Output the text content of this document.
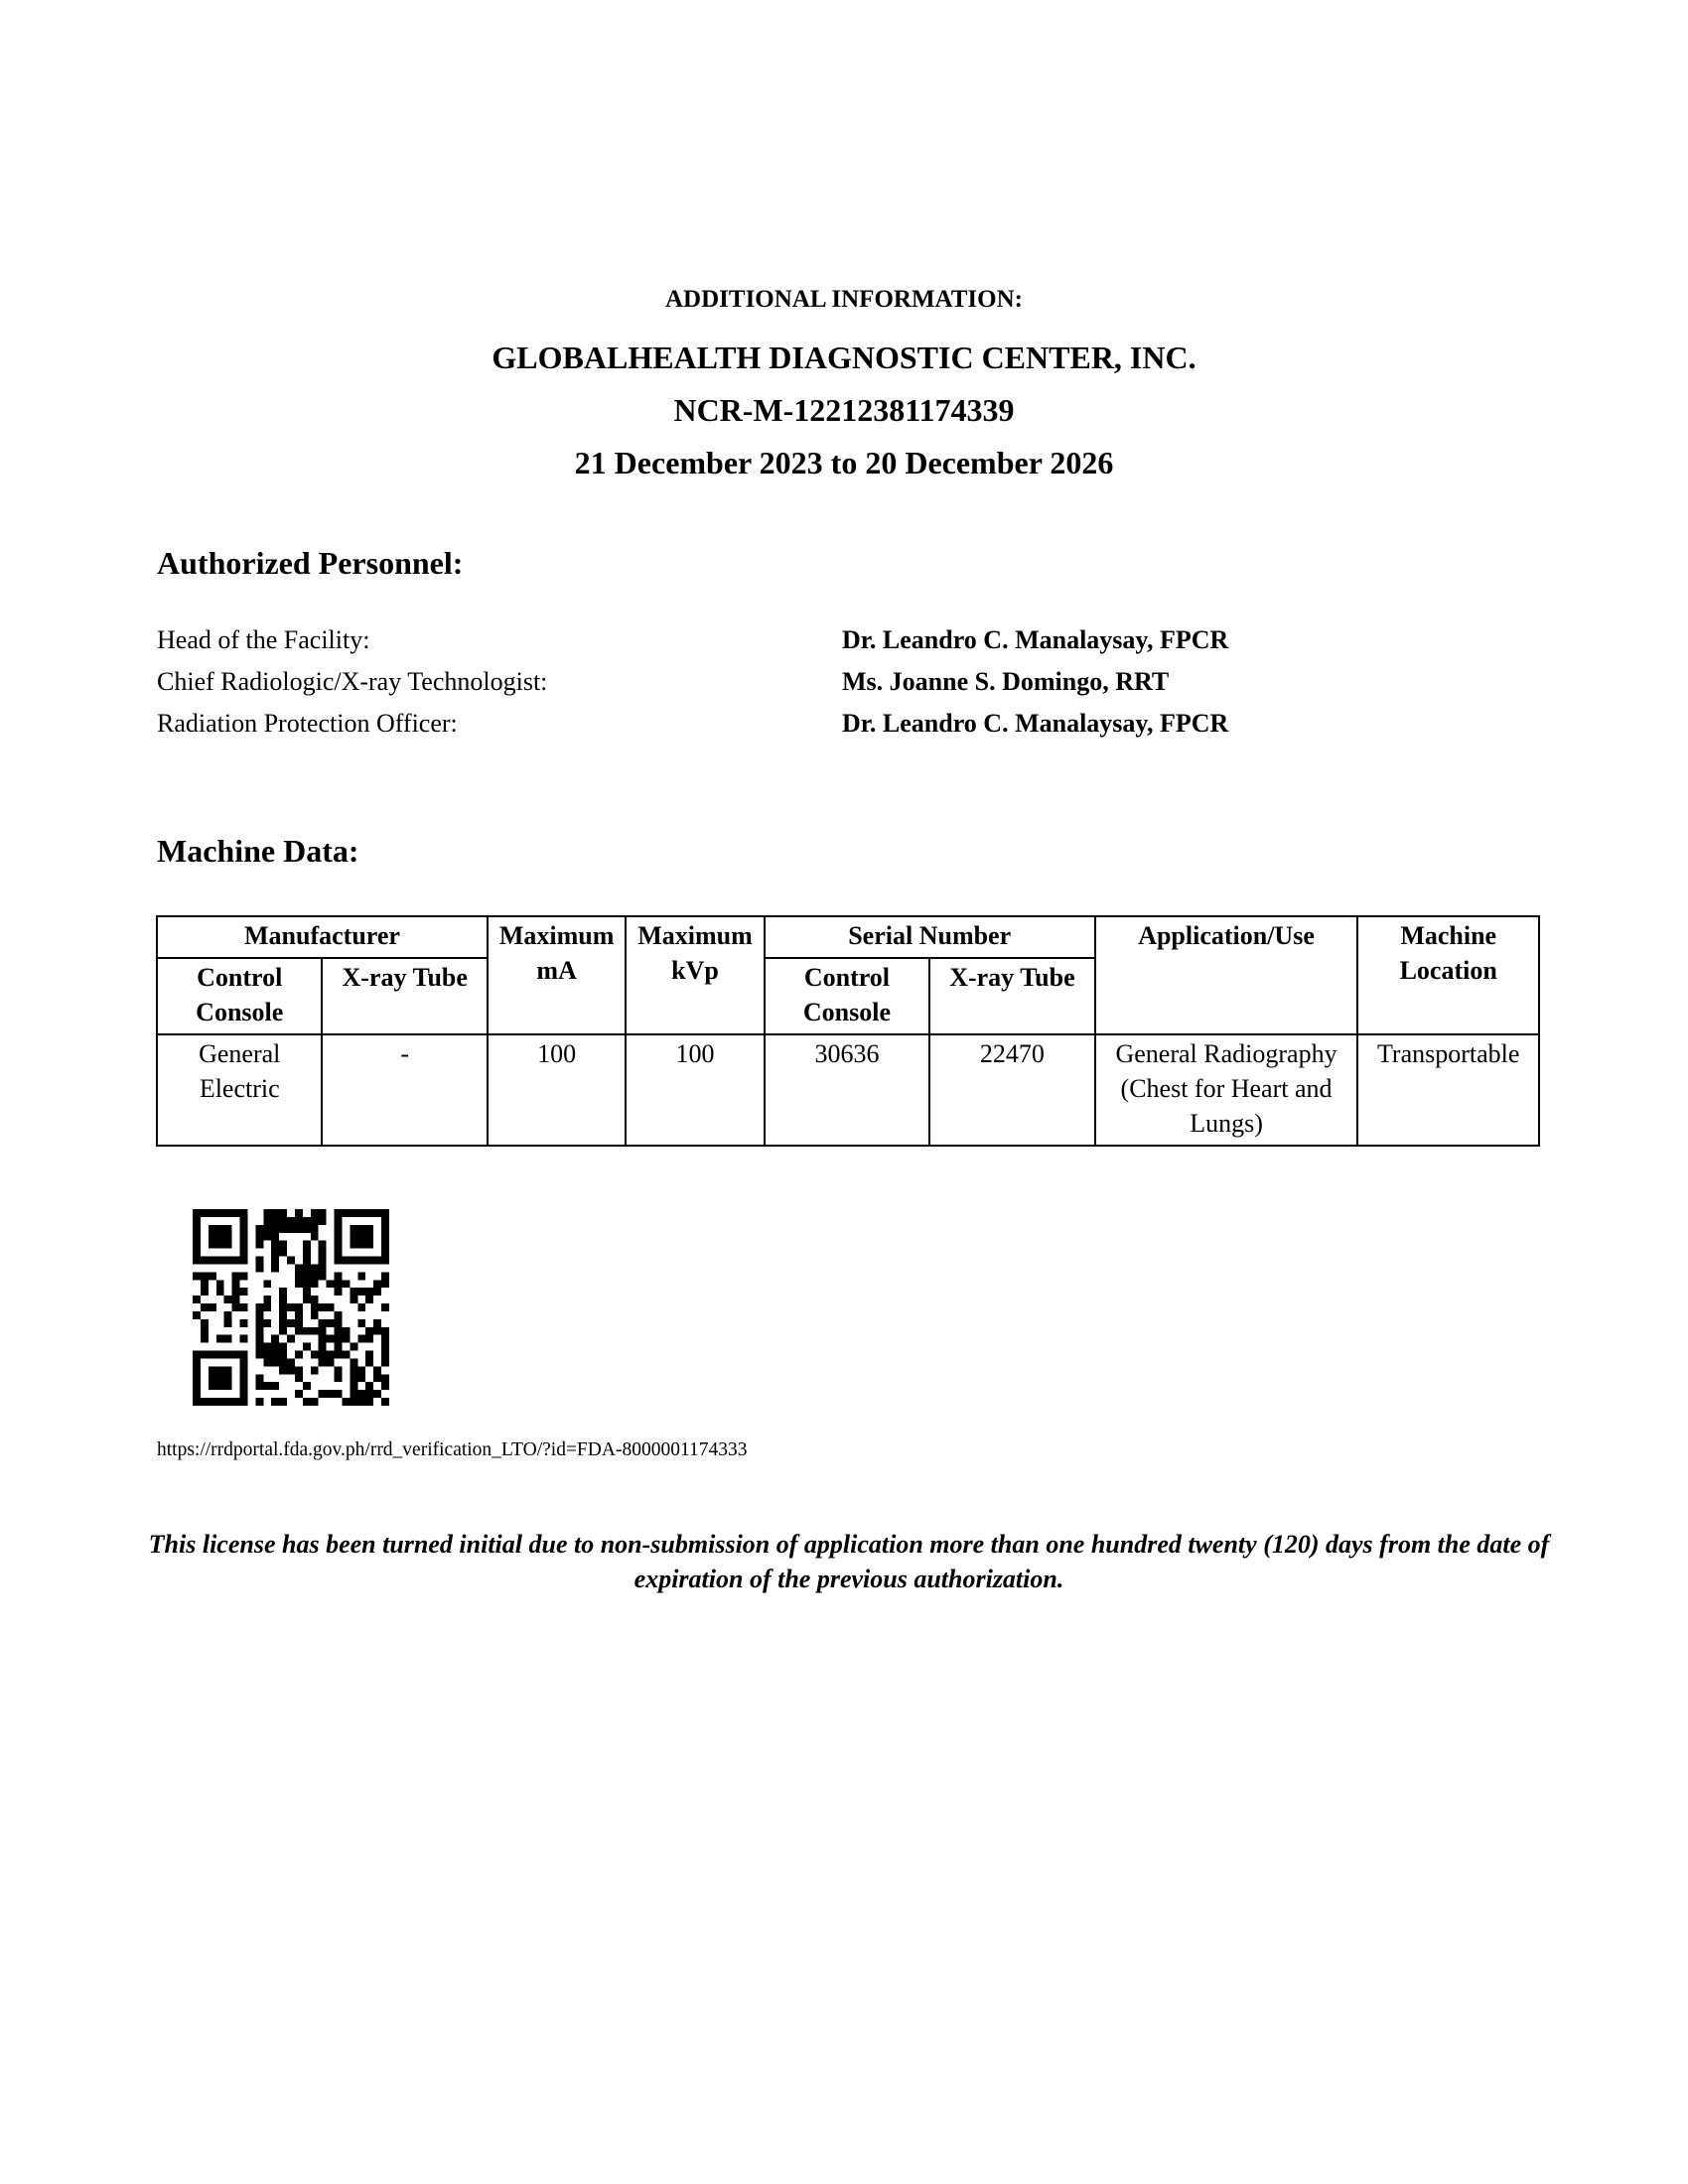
ADDITIONAL INFORMATION:
GLOBALHEALTH DIAGNOSTIC CENTER, INC.
NCR-M-12212381174339
21 December 2023 to 20 December 2026
Authorized Personnel:
Head of the Facility:	Dr. Leandro C. Manalaysay, FPCR
Chief Radiologic/X-ray Technologist:	Ms. Joanne S. Domingo, RRT
Radiation Protection Officer:	Dr. Leandro C. Manalaysay, FPCR
Machine Data:
Manufacturer		Maximum mA	Maximum kVp	Serial Number		Application/Use	Machine Location
Control Console	X-ray Tube			Control Console	X-ray Tube		
General Electric	-	100	100	30636	22470	General Radiography (Chest for Heart and Lungs)	Transportable
https://rrdportal.fda.gov.ph/rrd_verification_LTO/?id=FDA-8000001174333
This license has been turned initial due to non-submission of application more than one hundred twenty (120) days from the date of expiration of the previous authorization.
